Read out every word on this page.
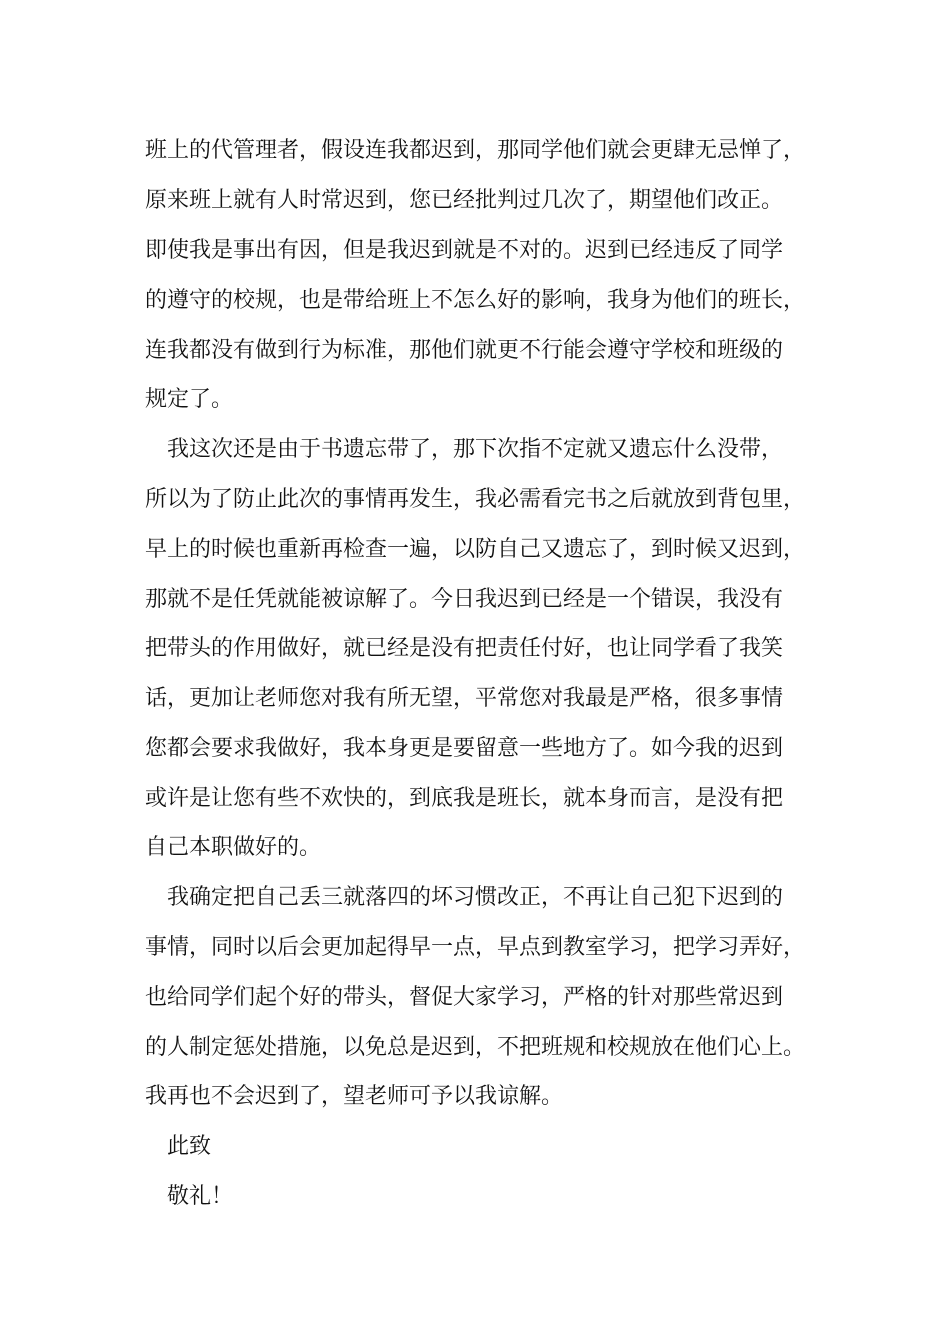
班上的代管理者，假设连我都迟到，那同学他们就会更肆无忌惮了，

原来班上就有人时常迟到，您已经批判过几次了，期望他们改正。

即使我是事出有因，但是我迟到就是不对的。迟到已经违反了同学

的遵守的校规，也是带给班上不怎么好的影响，我身为他们的班长，

连我都没有做到行为标准，那他们就更不行能会遵守学校和班级的

规定了。

我这次还是由于书遗忘带了，那下次指不定就又遗忘什么没带，

所以为了防止此次的事情再发生，我必需看完书之后就放到背包里，

早上的时候也重新再检查一遍，以防自己又遗忘了，到时候又迟到，

那就不是任凭就能被谅解了。今日我迟到已经是一个错误，我没有

把带头的作用做好，就已经是没有把责任付好，也让同学看了我笑

话，更加让老师您对我有所无望，平常您对我最是严格，很多事情

您都会要求我做好，我本身更是要留意一些地方了。如今我的迟到

或许是让您有些不欢快的，到底我是班长，就本身而言，是没有把

自己本职做好的。

我确定把自己丢三就落四的坏习惯改正，不再让自己犯下迟到的

事情，同时以后会更加起得早一点，早点到教室学习，把学习弄好，

也给同学们起个好的带头，督促大家学习，严格的针对那些常迟到

的人制定惩处措施，以免总是迟到，不把班规和校规放在他们心上。

我再也不会迟到了，望老师可予以我谅解。

此致

敬礼！
